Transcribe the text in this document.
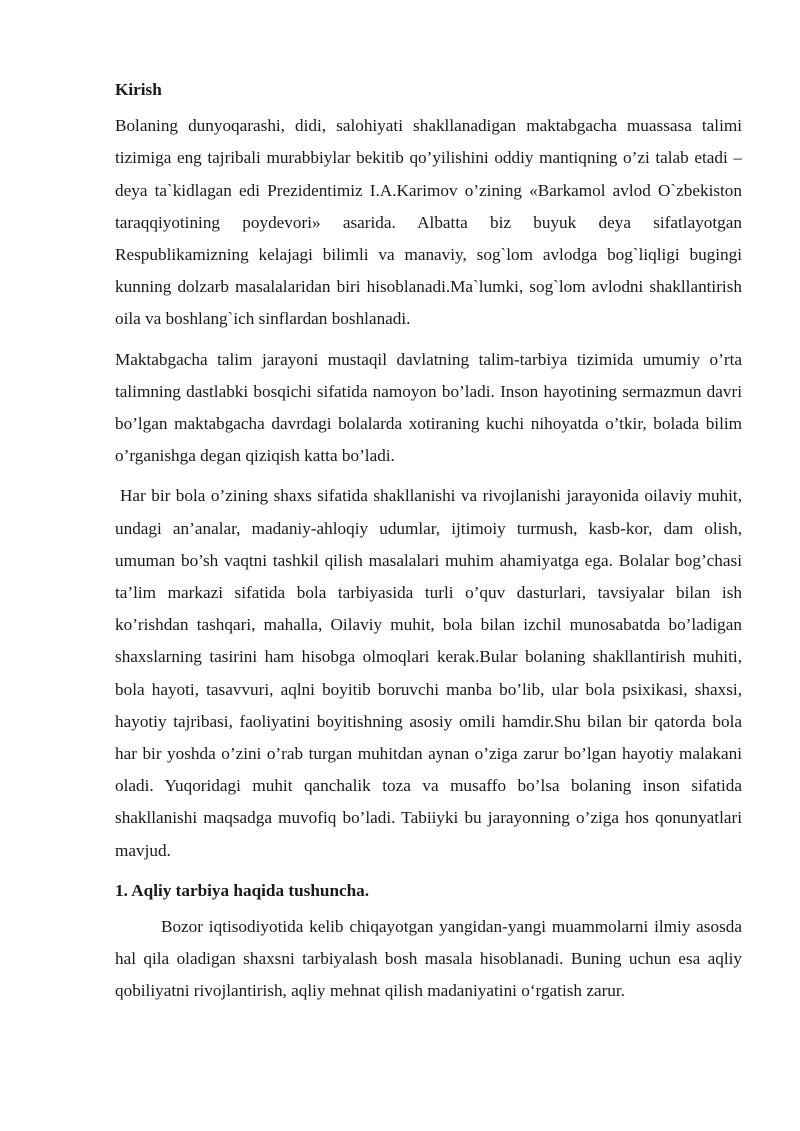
Kirish

Bolaning dunyoqarashi, didi, salohiyati shakllanadigan maktabgacha muassasa talimi tizimiga eng tajribali murabbiylar bekitib qo’yilishini oddiy mantiqning o’zi talab etadi – deya ta`kidlagan edi Prezidentimiz I.A.Karimov o’zining «Barkamol avlod O`zbekiston taraqqiyotining poydevori» asarida. Albatta biz buyuk deya sifatlayotgan Respublikamizning kelajagi bilimli va manaviy, sog`lom avlodga bog`liqligi bugingi kunning dolzarb masalalaridan biri hisoblanadi.Ma`lumki, sog`lom avlodni shakllantirish oila va boshlang`ich sinflardan boshlanadi.

Maktabgacha talim jarayoni mustaqil davlatning talim-tarbiya tizimida umumiy o’rta talimning dastlabki bosqichi sifatida namoyon bo’ladi. Inson hayotining sermazmun davri bo’lgan maktabgacha davrdagi bolalarda xotiraning kuchi nihoyatda o’tkir, bolada bilim o’rganishga degan qiziqish katta bo’ladi.

Har bir bola o’zining shaxs sifatida shakllanishi va rivojlanishi jarayonida oilaviy muhit, undagi an’analar, madaniy-ahloqiy udumlar, ijtimoiy turmush, kasb-kor, dam olish, umuman bo’sh vaqtni tashkil qilish masalalari muhim ahamiyatga ega. Bolalar bog’chasi ta’lim markazi sifatida bola tarbiyasida turli o’quv dasturlari, tavsiyalar bilan ish ko’rishdan tashqari, mahalla, Oilaviy muhit, bola bilan izchil munosabatda bo’ladigan shaxslarning tasirini ham hisobga olmoqlari kerak.Bular bolaning shakllantirish muhiti, bola hayoti, tasavvuri, aqlni boyitib boruvchi manba bo’lib, ular bola psixikasi, shaxsi, hayotiy tajribasi, faoliyatini boyitishning asosiy omili hamdir.Shu bilan bir qatorda bola har bir yoshda o’zini o’rab turgan muhitdan aynan o’ziga zarur bo’lgan hayotiy malakani oladi. Yuqoridagi muhit qanchalik toza va musaffo bo’lsa bolaning inson sifatida shakllanishi maqsadga muvofiq bo’ladi. Tabiiyki bu jarayonning o’ziga hos qonunyatlari mavjud.

1. Aqliy tarbiya haqida tushuncha.

Bozor iqtisodiyotida kelib chiqayotgan yangidan-yangi muammolarni ilmiy asosda hal qila oladigan shaxsni tarbiyalash bosh masala hisoblanadi. Buning uchun esa aqliy qobiliyatni rivojlantirish, aqliy mehnat qilish madaniyatini o‘rgatish zarur.
